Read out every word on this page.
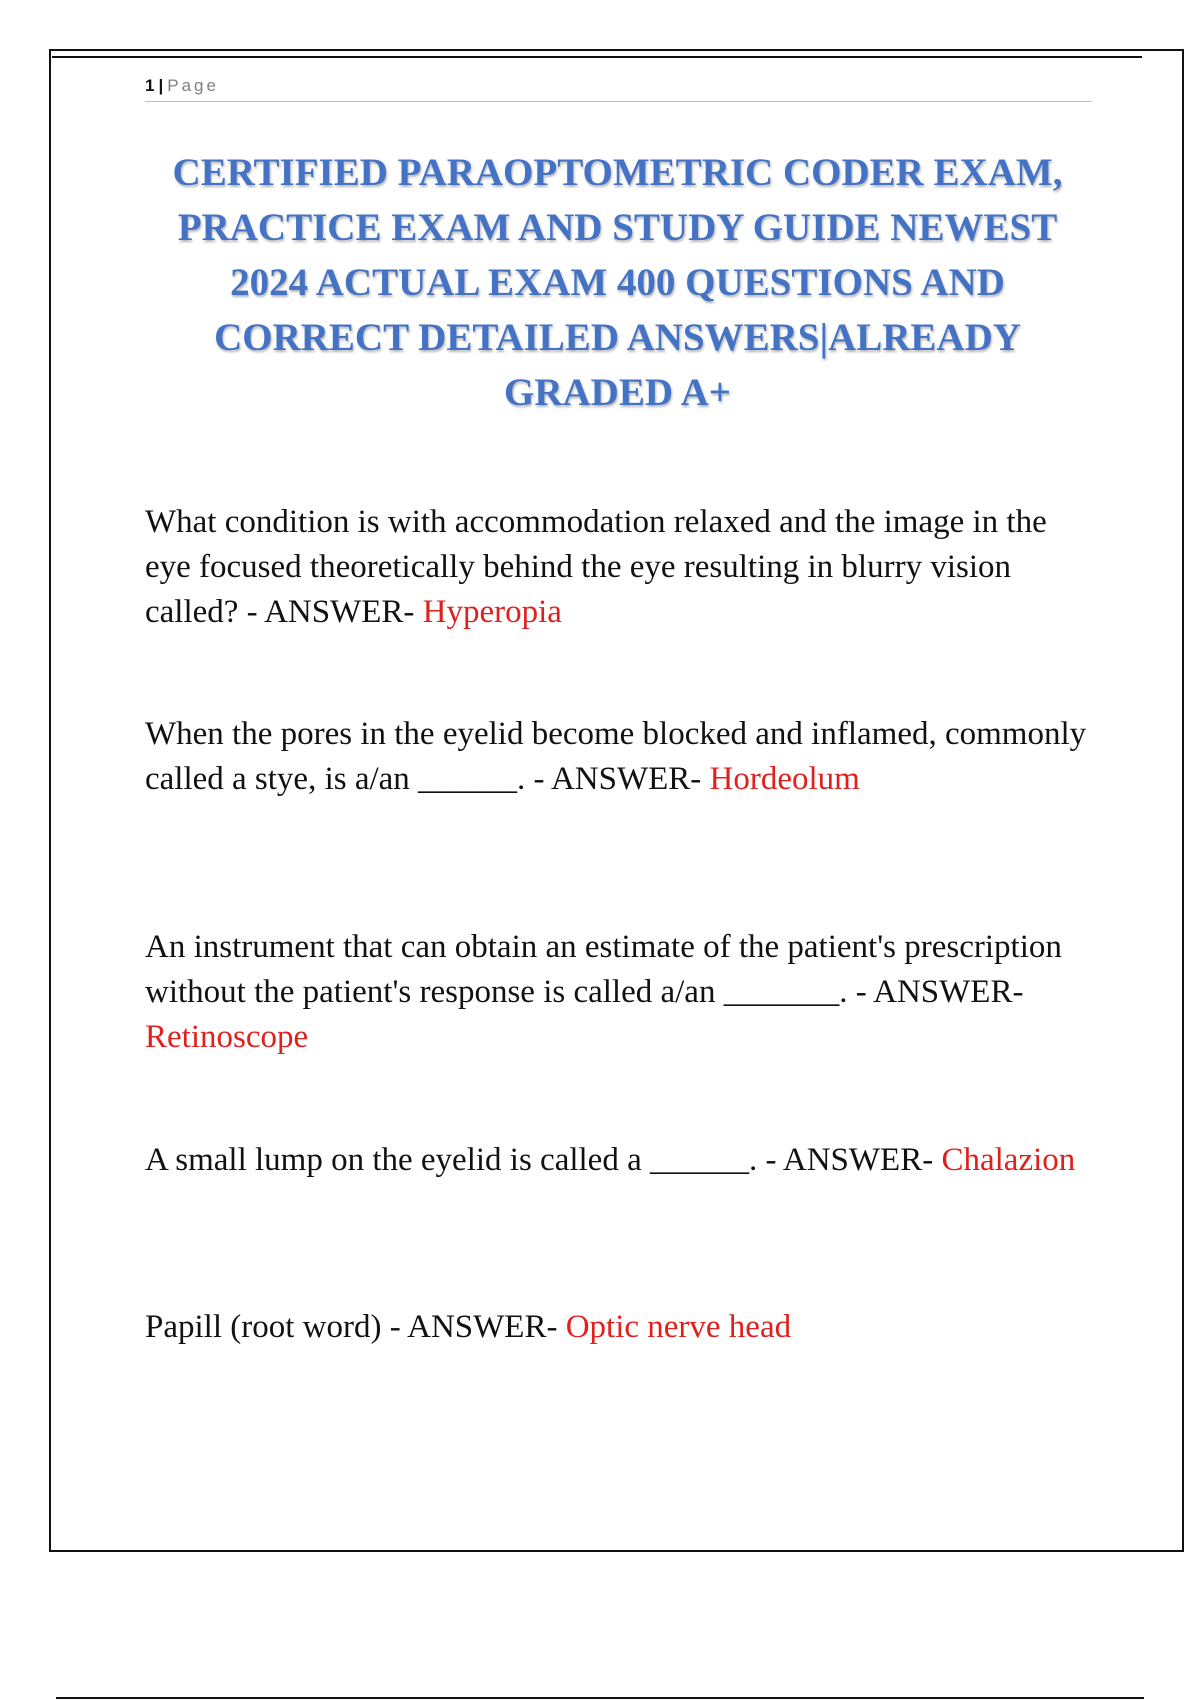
1 | Page
CERTIFIED PARAOPTOMETRIC CODER EXAM, PRACTICE EXAM AND STUDY GUIDE NEWEST 2024 ACTUAL EXAM 400 QUESTIONS AND CORRECT DETAILED ANSWERS|ALREADY GRADED A+

What condition is with accommodation relaxed and the image in the eye focused theoretically behind the eye resulting in blurry vision called? - ANSWER- Hyperopia

When the pores in the eyelid become blocked and inflamed, commonly called a stye, is a/an ______. - ANSWER- Hordeolum

An instrument that can obtain an estimate of the patient's prescription without the patient's response is called a/an _______. - ANSWER- Retinoscope

A small lump on the eyelid is called a ______. - ANSWER- Chalazion

Papill (root word) - ANSWER- Optic nerve head
